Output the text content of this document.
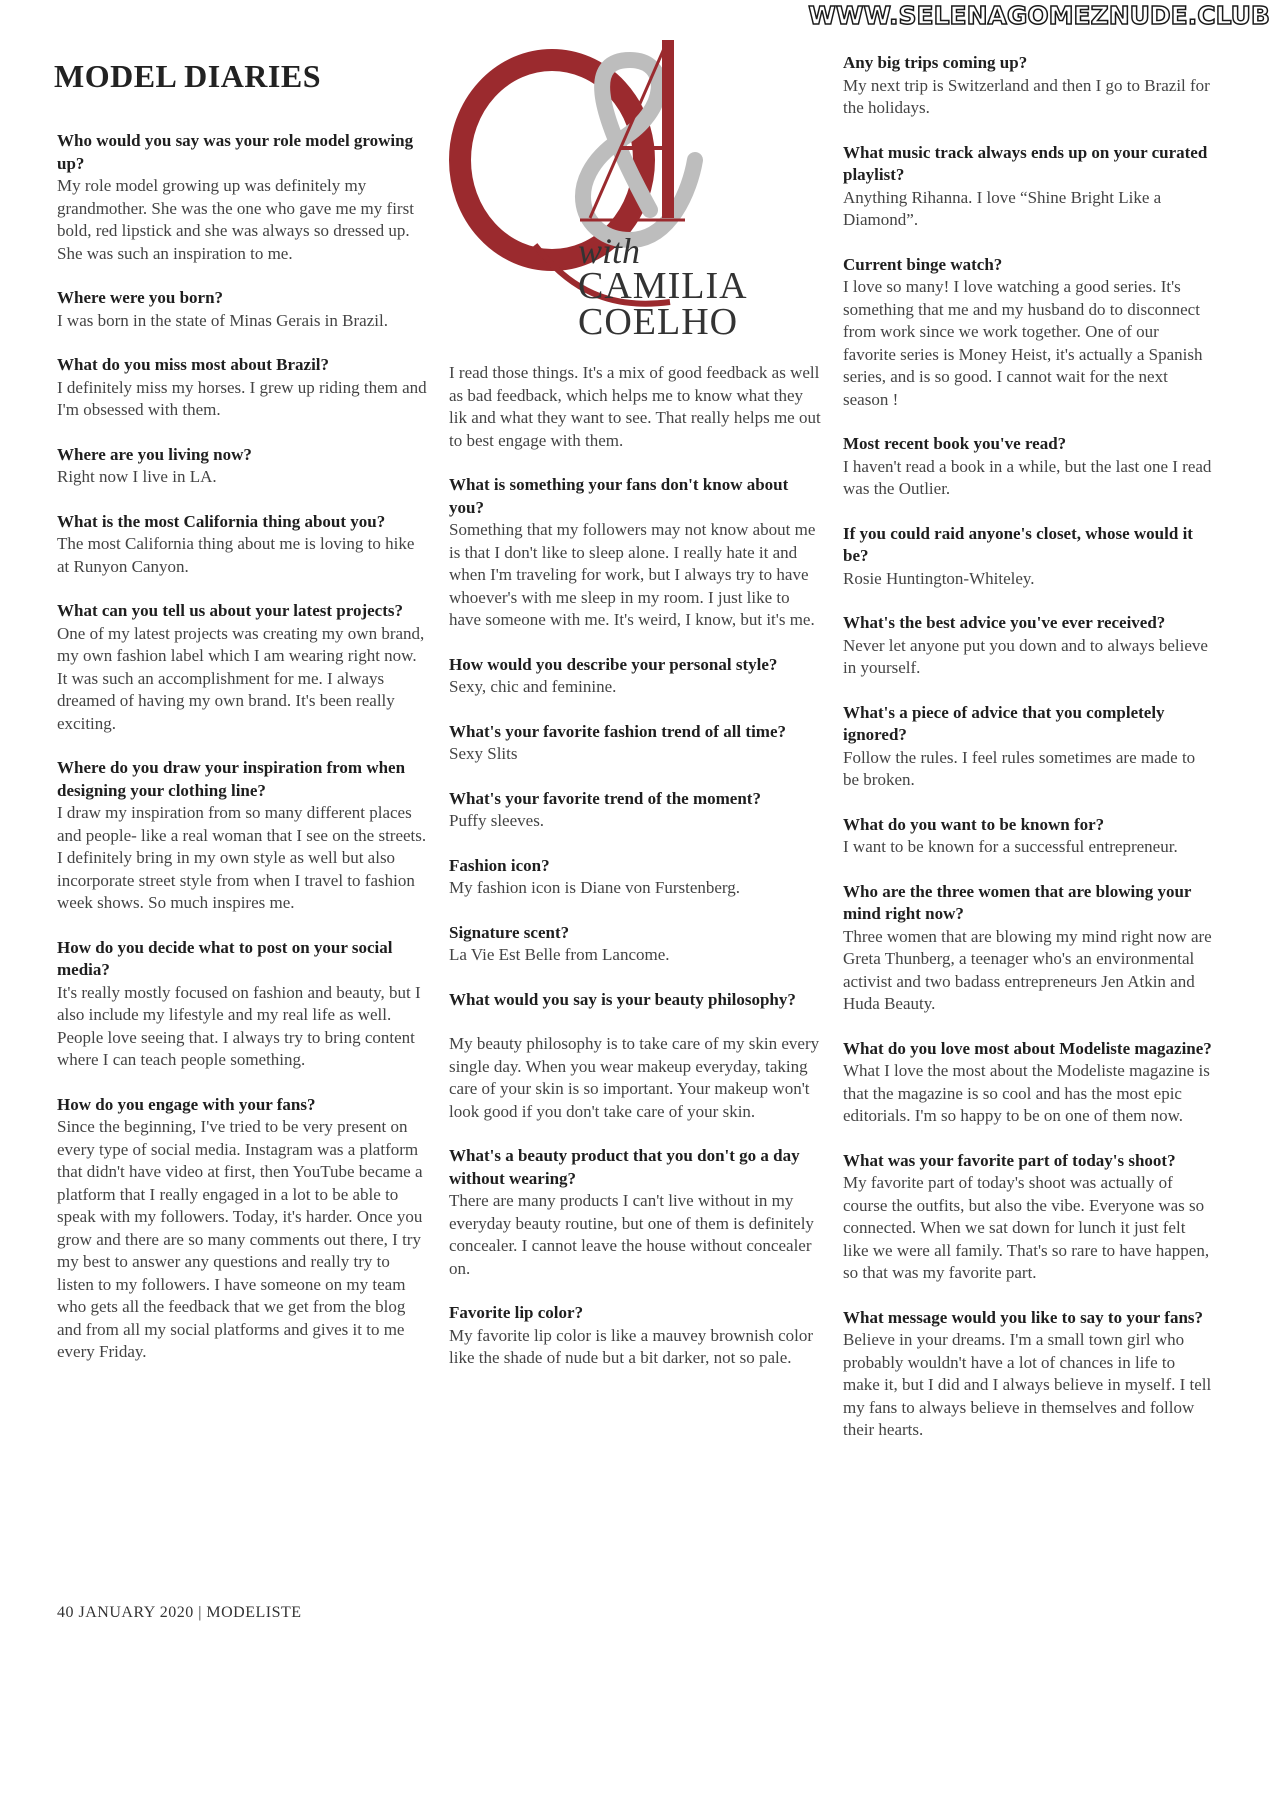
WWW.SELENAGOMEZNUDE.CLUB
MODEL DIARIES
with
CAMILIA
COELHO
Who would you say was your role model growing up?
My role model growing up was definitely my grandmother. She was the one who gave me my first bold, red lipstick and she was always so dressed up. She was such an inspiration to me.
Where were you born?
I was born in the state of Minas Gerais in Brazil.
What do you miss most about Brazil?
I definitely miss my horses. I grew up riding them and I'm obsessed with them.
Where are you living now?
Right now I live in LA.
What is the most California thing about you?
The most California thing about me is loving to hike at Runyon Canyon.
What can you tell us about your latest projects?
One of my latest projects was creating my own brand, my own fashion label which I am wearing right now. It was such an accomplishment for me. I always dreamed of having my own brand. It's been really exciting.
Where do you draw your inspiration from when designing your clothing line?
I draw my inspiration from so many different places and people- like a real woman that I see on the streets. I definitely bring in my own style as well but also incorporate street style from when I travel to fashion week shows. So much inspires me.
How do you decide what to post on your social media?
It's really mostly focused on fashion and beauty, but I also include my lifestyle and my real life as well. People love seeing that. I always try to bring content where I can teach people something.
How do you engage with your fans?
Since the beginning, I've tried to be very present on every type of social media. Instagram was a platform that didn't have video at first, then YouTube became a platform that I really engaged in a lot to be able to speak with my followers. Today, it's harder. Once you grow and there are so many comments out there, I try my best to answer any questions and really try to listen to my followers. I have someone on my team who gets all the feedback that we get from the blog and from all my social platforms and gives it to me every Friday.
I read those things. It's a mix of good feedback as well as bad feedback, which helps me to know what they lik and what they want to see. That really helps me out to best engage with them.
What is something your fans don't know about you?
Something that my followers may not know about me is that I don't like to sleep alone. I really hate it and when I'm traveling for work, but I always try to have whoever's with me sleep in my room. I just like to have someone with me. It's weird, I know, but it's me.
How would you describe your personal style?
Sexy, chic and feminine.
What's your favorite fashion trend of all time?
Sexy Slits
What's your favorite trend of the moment?
Puffy sleeves.
Fashion icon?
My fashion icon is Diane von Furstenberg.
Signature scent?
La Vie Est Belle from Lancome.
What would you say is your beauty philosophy?
My beauty philosophy is to take care of my skin every single day. When you wear makeup everyday, taking care of your skin is so important. Your makeup won't look good if you don't take care of your skin.
What's a beauty product that you don't go a day without wearing?
There are many products I can't live without in my everyday beauty routine, but one of them is definitely concealer. I cannot leave the house without concealer on.
Favorite lip color?
My favorite lip color is like a mauvey brownish color like the shade of nude but a bit darker, not so pale.
Any big trips coming up?
My next trip is Switzerland and then I go to Brazil for the holidays.
What music track always ends up on your curated playlist?
Anything Rihanna. I love “Shine Bright Like a Diamond”.
Current binge watch?
I love so many! I love watching a good series. It's something that me and my husband do to disconnect from work since we work together. One of our favorite series is Money Heist, it's actually a Spanish series, and is so good. I cannot wait for the next season !
Most recent book you've read?
I haven't read a book in a while, but the last one I read was the Outlier.
If you could raid anyone's closet, whose would it be?
Rosie Huntington-Whiteley.
What's the best advice you've ever received?
Never let anyone put you down and to always believe in yourself.
What's a piece of advice that you completely ignored?
Follow the rules. I feel rules sometimes are made to be broken.
What do you want to be known for?
I want to be known for a successful entrepreneur.
Who are the three women that are blowing your mind right now?
Three women that are blowing my mind right now are Greta Thunberg, a teenager who's an environmental activist and two badass entrepreneurs Jen Atkin and Huda Beauty.
What do you love most about Modeliste magazine?
What I love the most about the Modeliste magazine is that the magazine is so cool and has the most epic editorials. I'm so happy to be on one of them now.
What was your favorite part of today's shoot?
My favorite part of today's shoot was actually of course the outfits, but also the vibe. Everyone was so connected. When we sat down for lunch it just felt like we were all family. That's so rare to have happen, so that was my favorite part.
What message would you like to say to your fans?
Believe in your dreams. I'm a small town girl who probably wouldn't have a lot of chances in life to make it, but I did and I always believe in myself. I tell my fans to always believe in themselves and follow their hearts.
40 JANUARY 2020 | MODELISTE
